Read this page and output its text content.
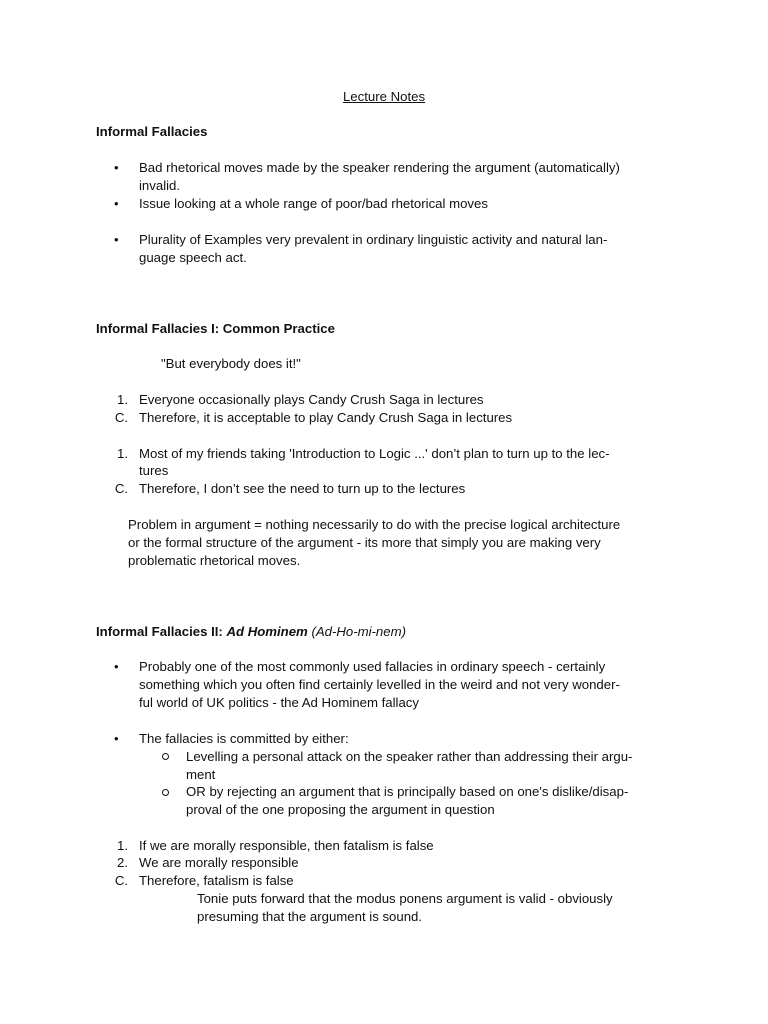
Lecture Notes

Informal Fallacies

• Bad rhetorical moves made by the speaker rendering the argument (automatically)

invalid.

• Issue looking at a whole range of poor/bad rhetorical moves

• Plurality of Examples very prevalent in ordinary linguistic activity and natural lan-

guage speech act.

Informal Fallacies I: Common Practice

"But everybody does it!"

1. Everyone occasionally plays Candy Crush Saga in lectures

C. Therefore, it is acceptable to play Candy Crush Saga in lectures

1. Most of my friends taking 'Introduction to Logic ...' don’t plan to turn up to the lec-

tures

C. Therefore, I don’t see the need to turn up to the lectures

Problem in argument = nothing necessarily to do with the precise logical architecture

or the formal structure of the argument - its more that simply you are making very

problematic rhetorical moves.

Informal Fallacies II: Ad Hominem (Ad-Ho-mi-nem)

• Probably one of the most commonly used fallacies in ordinary speech - certainly

something which you often find certainly levelled in the weird and not very wonder-

ful world of UK politics - the Ad Hominem fallacy

• The fallacies is committed by either:

Levelling a personal attack on the speaker rather than addressing their argu-

ment

OR by rejecting an argument that is principally based on one's dislike/disap-

proval of the one proposing the argument in question

1. If we are morally responsible, then fatalism is false

2. We are morally responsible

C. Therefore, fatalism is false

Tonie puts forward that the modus ponens argument is valid - obviously

presuming that the argument is sound.
